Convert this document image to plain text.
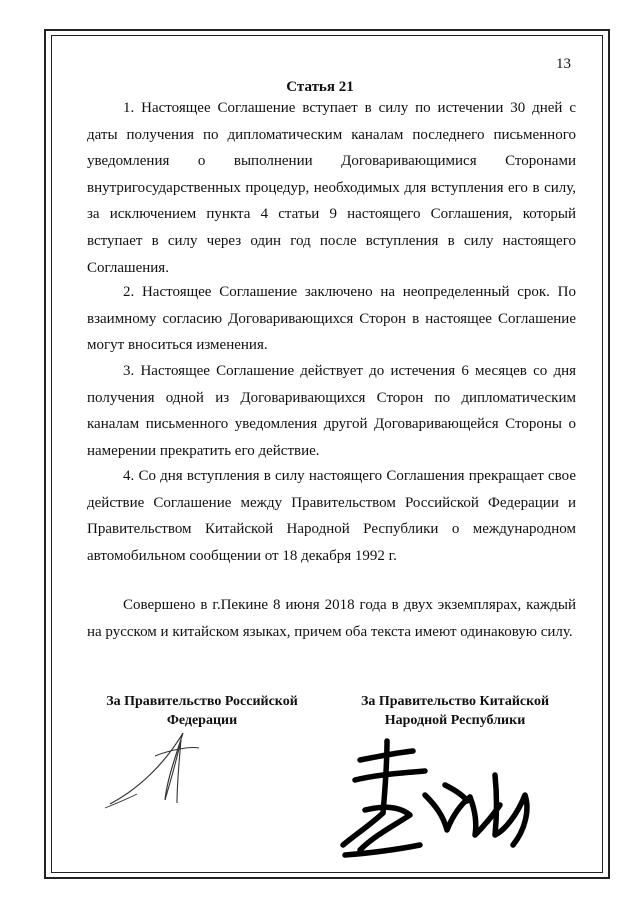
13
Статья 21

1. Настоящее Соглашение вступает в силу по истечении 30 дней с даты получения по дипломатическим каналам последнего письменного уведомления о выполнении Договаривающимися Сторонами внутригосударственных процедур, необходимых для вступления его в силу, за исключением пункта 4 статьи 9 настоящего Соглашения, который вступает в силу через один год после вступления в силу настоящего Соглашения.

2. Настоящее Соглашение заключено на неопределенный срок. По взаимному согласию Договаривающихся Сторон в настоящее Соглашение могут вноситься изменения.

3. Настоящее Соглашение действует до истечения 6 месяцев со дня получения одной из Договаривающихся Сторон по дипломатическим каналам письменного уведомления другой Договаривающейся Стороны о намерении прекратить его действие.

4. Со дня вступления в силу настоящего Соглашения прекращает свое действие Соглашение между Правительством Российской Федерации и Правительством Китайской Народной Республики о международном автомобильном сообщении от 18 декабря 1992 г.

Совершено в г.Пекине 8 июня 2018 года в двух экземплярах, каждый на русском и китайском языках, причем оба текста имеют одинаковую силу.

За Правительство Российской
Федерации
За Правительство Китайской
Народной Республики
